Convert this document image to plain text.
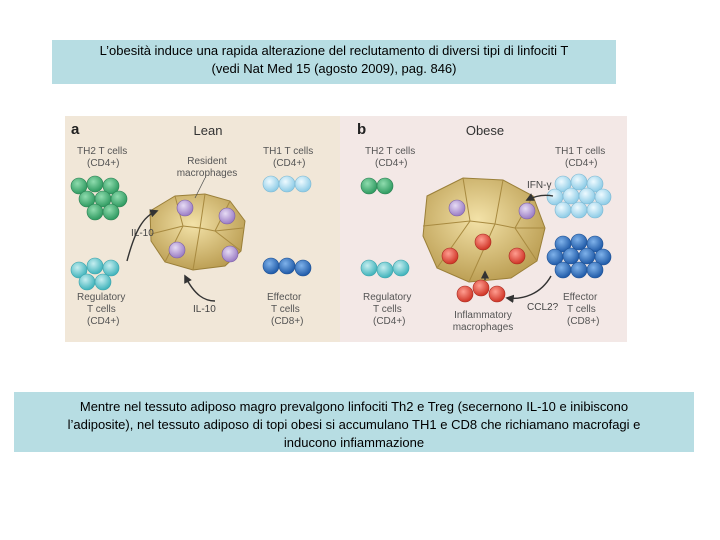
L’obesità induce una rapida alterazione del reclutamento di diversi tipi di linfociti T
(vedi Nat Med 15 (agosto 2009), pag. 846)
a	Lean
TH2 T cells
(CD4+)	Resident
macrophages
TH1 T cells
(CD4+)
IL-10
IL-10
Regulatory
T cells
(CD4+)
Effector
T cells
(CD8+)
b	Obese
TH2 T cells
(CD4+)
TH1 T cells
(CD4+)
IFN-γ
Regulatory
T cells
(CD4+)
Inflammatory
macrophages
CCL2?
Effector
T cells
(CD8+)
Mentre nel tessuto adiposo magro prevalgono linfociti Th2 e Treg (secernono IL-10 e inibiscono
l’adiposite), nel tessuto adiposo di topi obesi si accumulano TH1 e CD8 che richiamano macrofagi e
inducono infiammazione
